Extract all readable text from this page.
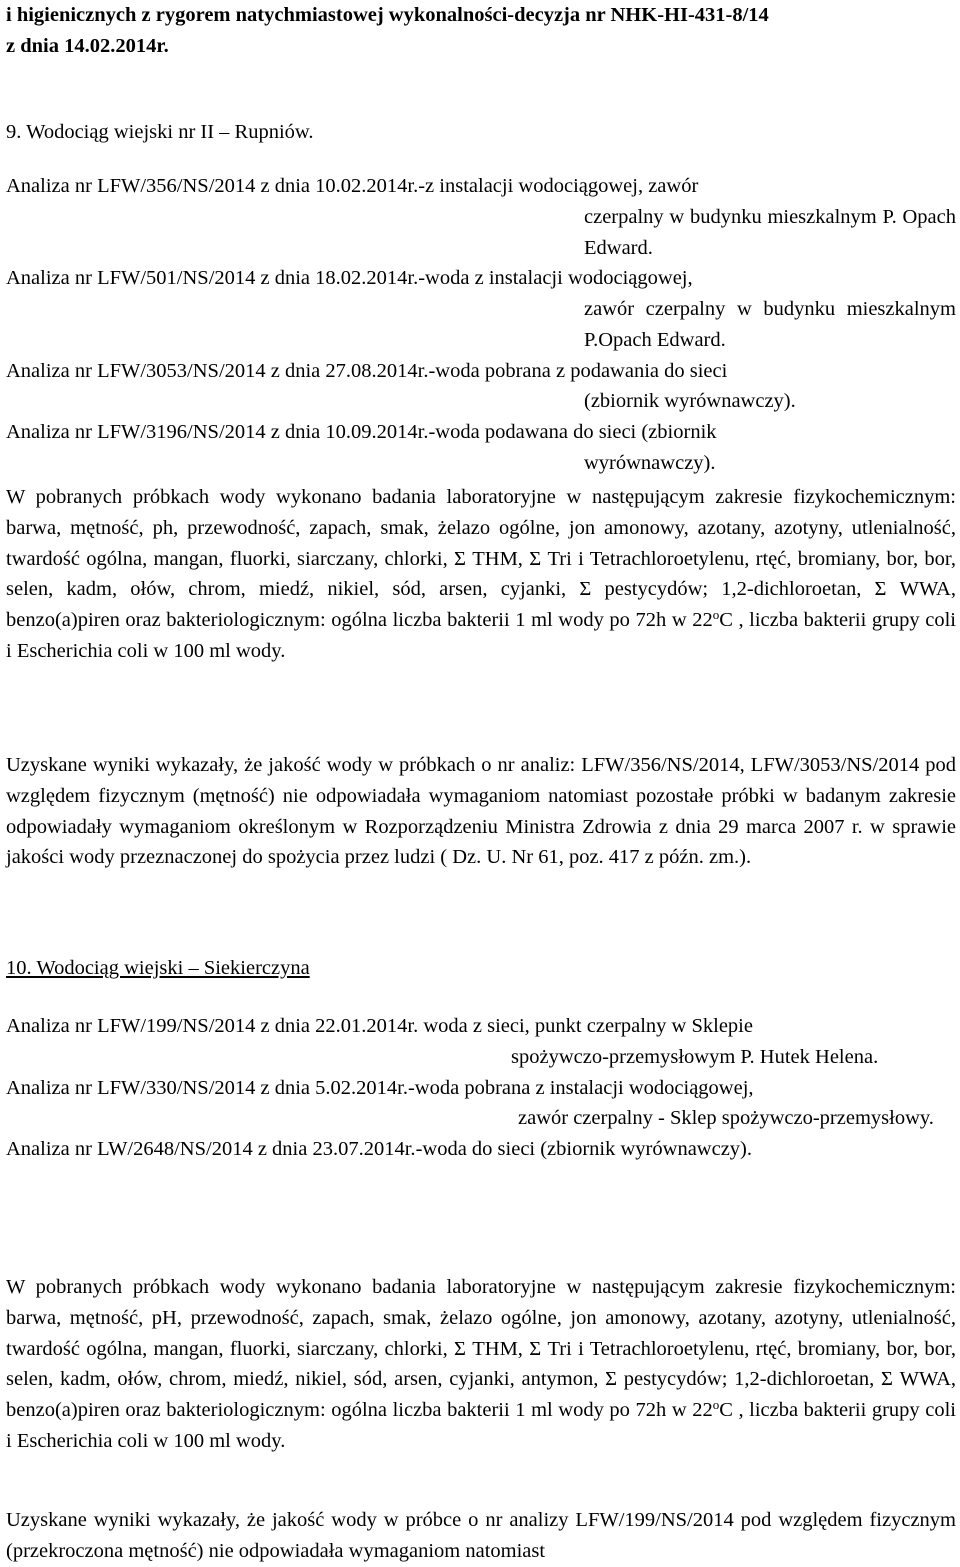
i higienicznych z rygorem natychmiastowej wykonalności-decyzja nr NHK-HI-431-8/14
z dnia 14.02.2014r.
9. Wodociąg wiejski nr II – Rupniów.
Analiza nr LFW/356/NS/2014 z dnia 10.02.2014r.-z instalacji wodociągowej, zawór
czerpalny w budynku mieszkalnym P. Opach Edward.
Analiza nr LFW/501/NS/2014 z dnia 18.02.2014r.-woda z instalacji wodociągowej,
zawór czerpalny w budynku mieszkalnym P.Opach Edward.
Analiza nr LFW/3053/NS/2014 z dnia 27.08.2014r.-woda pobrana z podawania do sieci
(zbiornik wyrównawczy).
Analiza nr LFW/3196/NS/2014 z dnia 10.09.2014r.-woda podawana do sieci (zbiornik
wyrównawczy).

W pobranych próbkach wody wykonano badania laboratoryjne w następującym zakresie fizykochemicznym: barwa, mętność, ph, przewodność, zapach, smak, żelazo ogólne, jon amonowy, azotany, azotyny, utlenialność, twardość ogólna, mangan, fluorki, siarczany, chlorki, Σ THM, Σ Tri i Tetrachloroetylenu, rtęć, bromiany, bor, bor, selen, kadm, ołów, chrom, miedź, nikiel, sód, arsen, cyjanki, Σ pestycydów; 1,2-dichloroetan, Σ WWA, benzo(a)piren oraz bakteriologicznym: ogólna liczba bakterii 1 ml wody po 72h w 22$^o$C , liczba bakterii grupy coli i Escherichia coli w 100 ml wody.

Uzyskane wyniki wykazały, że jakość wody w próbkach o nr analiz: LFW/356/NS/2014, LFW/3053/NS/2014 pod względem fizycznym (mętność) nie odpowiadała wymaganiom natomiast pozostałe próbki w badanym zakresie odpowiadały wymaganiom określonym w Rozporządzeniu Ministra Zdrowia z dnia 29 marca 2007 r. w sprawie jakości wody przeznaczonej do spożycia przez ludzi ( Dz. U. Nr 61, poz. 417 z późn. zm.).

10. Wodociąg wiejski – Siekierczyna
Analiza nr LFW/199/NS/2014 z dnia 22.01.2014r. woda z sieci, punkt czerpalny w Sklepie
spożywczo-przemysłowym P. Hutek Helena.
Analiza nr LFW/330/NS/2014 z dnia 5.02.2014r.-woda pobrana z instalacji wodociągowej,
zawór czerpalny - Sklep spożywczo-przemysłowy.
Analiza nr LW/2648/NS/2014 z dnia 23.07.2014r.-woda do sieci (zbiornik wyrównawczy).

W pobranych próbkach wody wykonano badania laboratoryjne w następującym zakresie fizykochemicznym: barwa, mętność, pH, przewodność, zapach, smak, żelazo ogólne, jon amonowy, azotany, azotyny, utlenialność, twardość ogólna, mangan, fluorki, siarczany, chlorki, Σ THM, Σ Tri i Tetrachloroetylenu, rtęć, bromiany, bor, bor, selen, kadm, ołów, chrom, miedź, nikiel, sód, arsen, cyjanki, antymon, Σ pestycydów; 1,2-dichloroetan, Σ WWA, benzo(a)piren oraz bakteriologicznym: ogólna liczba bakterii 1 ml wody po 72h w 22$^o$C , liczba bakterii grupy coli i Escherichia coli w 100 ml wody.

Uzyskane wyniki wykazały, że jakość wody w próbce o nr analizy LFW/199/NS/2014 pod względem fizycznym (przekroczona mętność) nie odpowiadała wymaganiom natomiast
